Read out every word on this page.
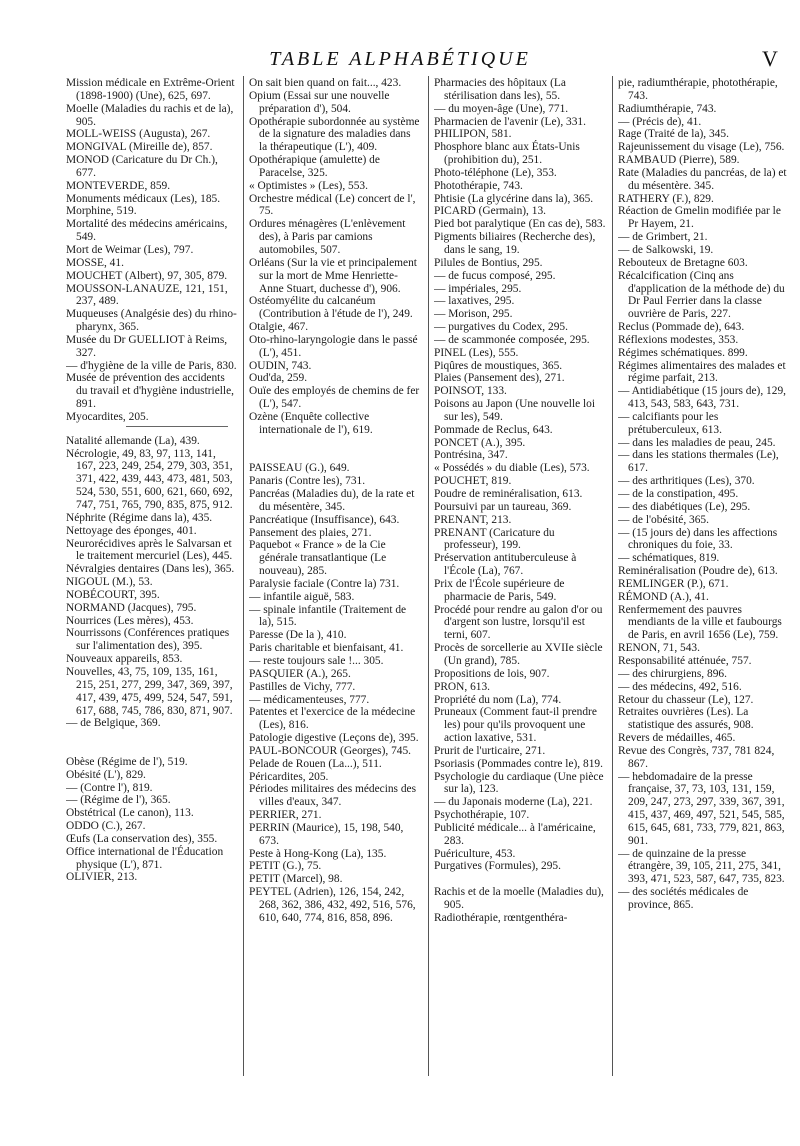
TABLE ALPHABÉTIQUE	V

Mission médicale en Extrême-Orient (1898-1900) (Une), 625, 697.

Moelle (Maladies du rachis et de la), 905.

MOLL-WEISS (Augusta), 267.

MONGIVAL (Mireille de), 857.

MONOD (Caricature du Dr Ch.), 677.

MONTEVERDE, 859.

Monuments médicaux (Les), 185.

Morphine, 519.

Mortalité des médecins américains, 549.

Mort de Weimar (Les), 797.

MOSSE, 41.

MOUCHET (Albert), 97, 305, 879.

MOUSSON-LANAUZE, 121, 151, 237, 489.

Muqueuses (Analgésie des) du rhino-pharynx, 365.

Musée du Dr GUELLIOT à Reims, 327.

— d'hygiène de la ville de Paris, 830.

Musée de prévention des accidents du travail et d'hygiène industrielle, 891.

Myocardites, 205.

Natalité allemande (La), 439.

Nécrologie, 49, 83, 97, 113, 141, 167, 223, 249, 254, 279, 303, 351, 371, 422, 439, 443, 473, 481, 503, 524, 530, 551, 600, 621, 660, 692, 747, 751, 765, 790, 835, 875, 912.

Néphrite (Régime dans la), 435.

Nettoyage des éponges, 401.

Neurorécidives après le Salvarsan et le traitement mercuriel (Les), 445.

Névralgies dentaires (Dans les), 365.

NIGOUL (M.), 53.

NOBÉCOURT, 395.

NORMAND (Jacques), 795.

Nourrices (Les mères), 453.

Nourrissons (Conférences pratiques sur l'alimentation des), 395.

Nouveaux appareils, 853.

Nouvelles, 43, 75, 109, 135, 161, 215, 251, 277, 299, 347, 369, 397, 417, 439, 475, 499, 524, 547, 591, 617, 688, 745, 786, 830, 871, 907.

— de Belgique, 369.

Obèse (Régime de l'), 519.

Obésité (L'), 829.

— (Contre l'), 819.

— (Régime de l'), 365.

Obstétrical (Le canon), 113.

ODDO (C.), 267.

Œufs (La conservation des), 355.

Office international de l'Éducation physique (L'), 871.

OLIVIER, 213.

On sait bien quand on fait..., 423.

Opium (Essai sur une nouvelle préparation d'), 504.

Opothérapie subordonnée au système de la signature des maladies dans la thérapeutique (L'), 409.

Opothérapique (amulette) de Paracelse, 325.

« Optimistes » (Les), 553.

Orchestre médical (Le) concert de l', 75.

Ordures ménagères (L'enlèvement des), à Paris par camions automobiles, 507.

Orléans (Sur la vie et principalement sur la mort de Mme Henriette-Anne Stuart, duchesse d'), 906.

Ostéomyélite du calcanéum (Contribution à l'étude de l'), 249.

Otalgie, 467.

Oto-rhino-laryngologie dans le passé (L'), 451.

OUDIN, 743.

Oud'da, 259.

Ouïe des employés de chemins de fer (L'), 547.

Ozène (Enquête collective internationale de l'), 619.

PAISSEAU (G.), 649.

Panaris (Contre les), 731.

Pancréas (Maladies du), de la rate et du mésentère, 345.

Pancréatique (Insuffisance), 643.

Pansement des plaies, 271.

Paquebot « France » de la Cie générale transatlantique (Le nouveau), 285.

Paralysie faciale (Contre la) 731.

— infantile aiguë, 583.

— spinale infantile (Traitement de la), 515.

Paresse (De la ), 410.

Paris charitable et bienfaisant, 41.

— reste toujours sale !... 305.

PASQUIER (A.), 265.

Pastilles de Vichy, 777.

— médicamenteuses, 777.

Patentes et l'exercice de la médecine (Les), 816.

Patologie digestive (Leçons de), 395.

PAUL-BONCOUR (Georges), 745.

Pelade de Rouen (La...), 511.

Péricardites, 205.

Périodes militaires des médecins des villes d'eaux, 347.

PERRIER, 271.

PERRIN (Maurice), 15, 198, 540, 673.

Peste à Hong-Kong (La), 135.

PETIT (G.), 75.

PETIT (Marcel), 98.

PEYTEL (Adrien), 126, 154, 242, 268, 362, 386, 432, 492, 516, 576, 610, 640, 774, 816, 858, 896.

Pharmacies des hôpitaux (La stérilisation dans les), 55.

— du moyen-âge (Une), 771.

Pharmacien de l'avenir (Le), 331.

PHILIPON, 581.

Phosphore blanc aux États-Unis (prohibition du), 251.

Photo-téléphone (Le), 353.

Photothérapie, 743.

Phtisie (La glycérine dans la), 365.

PICARD (Germain), 13.

Pied bot paralytique (En cas de), 583.

Pigments biliaires (Recherche des), dans le sang, 19.

Pilules de Bontius, 295.

— de fucus composé, 295.

— impériales, 295.

— laxatives, 295.

— Morison, 295.

— purgatives du Codex, 295.

— de scammonée composée, 295.

PINEL (Les), 555.

Piqûres de moustiques, 365.

Plaies (Pansement des), 271.

POINSOT, 133.

Poisons au Japon (Une nouvelle loi sur les), 549.

Pommade de Reclus, 643.

PONCET (A.), 395.

Pontrésina, 347.

« Possédés » du diable (Les), 573.

POUCHET, 819.

Poudre de reminéralisation, 613.

Poursuivi par un taureau, 369.

PRENANT, 213.

PRENANT (Caricature du professeur), 199.

Préservation antituberculeuse à l'École (La), 767.

Prix de l'École supérieure de pharmacie de Paris, 549.

Procédé pour rendre au galon d'or ou d'argent son lustre, lorsqu'il est terni, 607.

Procès de sorcellerie au XVIIe siècle (Un grand), 785.

Propositions de lois, 907.

PRON, 613.

Propriété du nom (La), 774.

Pruneaux (Comment faut-il prendre les) pour qu'ils provoquent une action laxative, 531.

Prurit de l'urticaire, 271.

Psoriasis (Pommades contre le), 819.

Psychologie du cardiaque (Une pièce sur la), 123.

— du Japonais moderne (La), 221.

Psychothérapie, 107.

Publicité médicale... à l'américaine, 283.

Puériculture, 453.

Purgatives (Formules), 295.

Rachis et de la moelle (Maladies du), 905.

Radiothérapie, rœntgenthéra-

pie, radiumthérapie, photothérapie, 743.

Radiumthérapie, 743.

— (Précis de), 41.

Rage (Traité de la), 345.

Rajeunissement du visage (Le), 756.

RAMBAUD (Pierre), 589.

Rate (Maladies du pancréas, de la) et du mésentère. 345.

RATHERY (F.), 829.

Réaction de Gmelin modifiée par le Pr Hayem, 21.

— de Grimbert, 21.

— de Salkowski, 19.

Rebouteux de Bretagne 603.

Récalcification (Cinq ans d'application de la méthode de) du Dr Paul Ferrier dans la classe ouvrière de Paris, 227.

Reclus (Pommade de), 643.

Réflexions modestes, 353.

Régimes schématiques. 899.

Régimes alimentaires des malades et régime parfait, 213.

— Antidiabétique (15 jours de), 129, 413, 543, 583, 643, 731.

— calcifiants pour les prétuberculeux, 613.

— dans les maladies de peau, 245.

— dans les stations thermales (Le), 617.

— des arthritiques (Les), 370.

— de la constipation, 495.

— des diabétiques (Le), 295.

— de l'obésité, 365.

— (15 jours de) dans les affections chroniques du foie, 33.

— schématiques, 819.

Reminéralisation (Poudre de), 613.

REMLINGER (P.), 671.

RÉMOND (A.), 41.

Renfermement des pauvres mendiants de la ville et faubourgs de Paris, en avril 1656 (Le), 759.

RENON, 71, 543.

Responsabilité atténuée, 757.

— des chirurgiens, 896.

— des médecins, 492, 516.

Retour du chasseur (Le), 127.

Retraites ouvrières (Les). La statistique des assurés, 908.

Revers de médailles, 465.

Revue des Congrès, 737, 781 824, 867.

— hebdomadaire de la presse française, 37, 73, 103, 131, 159, 209, 247, 273, 297, 339, 367, 391, 415, 437, 469, 497, 521, 545, 585, 615, 645, 681, 733, 779, 821, 863, 901.

— de quinzaine de la presse étrangère, 39, 105, 211, 275, 341, 393, 471, 523, 587, 647, 735, 823.

— des sociétés médicales de province, 865.
